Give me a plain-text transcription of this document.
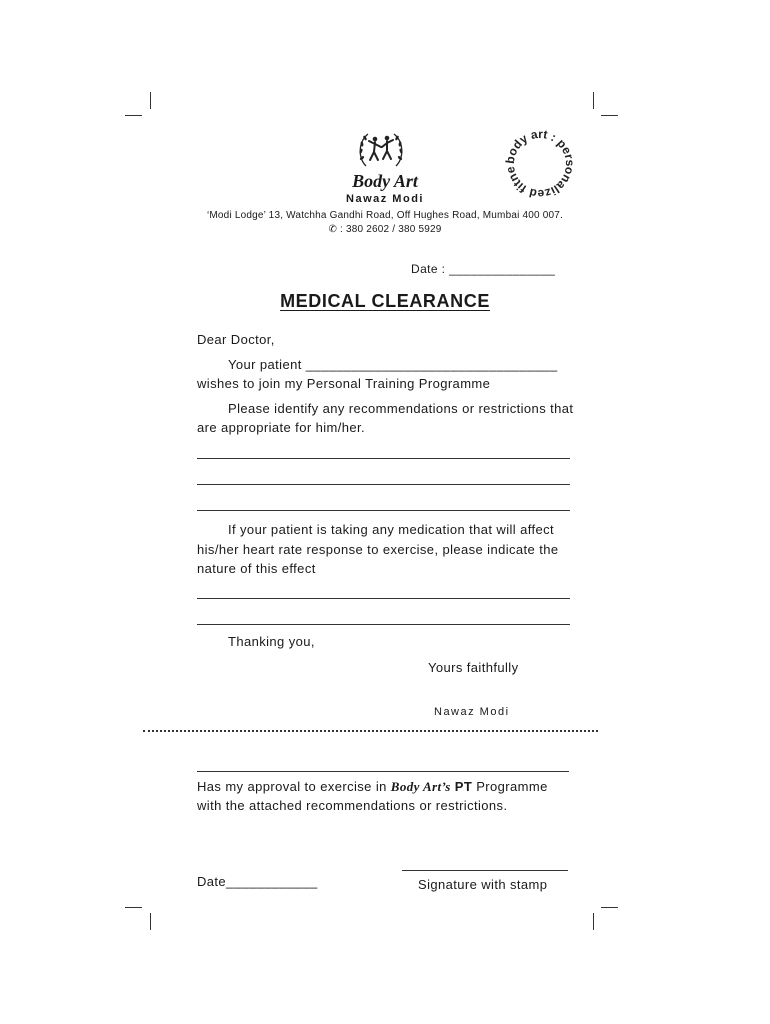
body art : personalized fitne
Body Art
Nawaz Modi
‘Modi Lodge’ 13, Watchha Gandhi Road, Off Hughes Road, Mumbai 400 007.
✆ : 380 2602 / 380 5929
Date : _______________
MEDICAL CLEARANCE
Dear Doctor,
Your patient _________________________________
wishes to join my Personal Training Programme
Please identify any recommendations or restrictions that
are appropriate for him/her.
If your patient is taking any medication that will affect
his/her heart rate response to exercise, please indicate the
nature of this effect
Thanking you,
Yours faithfully
Nawaz Modi
Has my approval to exercise in Body Art’s PT Programme
with the attached recommendations or restrictions.
Date____________	Signature with stamp
